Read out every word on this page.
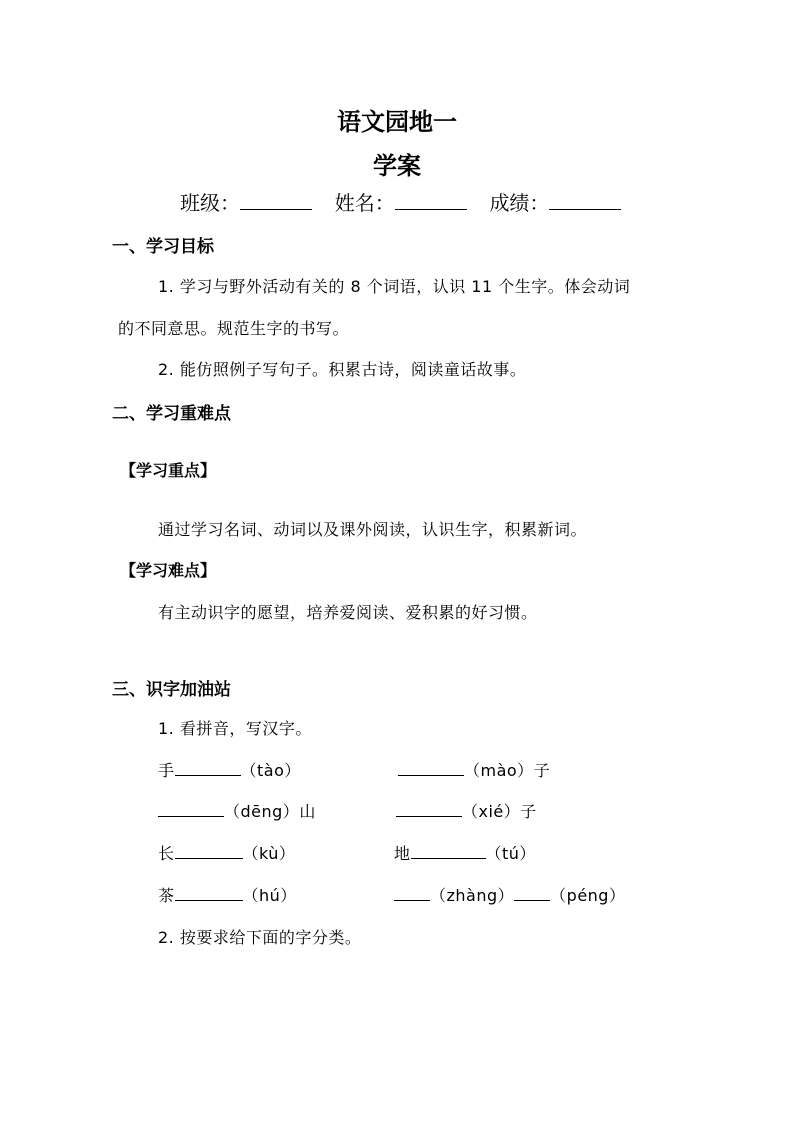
语文园地一
学案
班级：	姓名：	成绩：
一、学习目标
1. 学习与野外活动有关的 8 个词语，认识 11 个生字。体会动词
的不同意思。规范生字的书写。
2. 能仿照例子写句子。积累古诗，阅读童话故事。
二、学习重难点
【学习重点】
通过学习名词、动词以及课外阅读，认识生字，积累新词。
【学习难点】
有主动识字的愿望，培养爱阅读、爱积累的好习惯。
三、识字加油站
1. 看拼音，写汉字。
手	（tào）	（mào）子
（dēng）山	（xié）子
长	（kù）	地	（tú）
茶	（hú）	（zhàng） （péng）
2. 按要求给下面的字分类。
